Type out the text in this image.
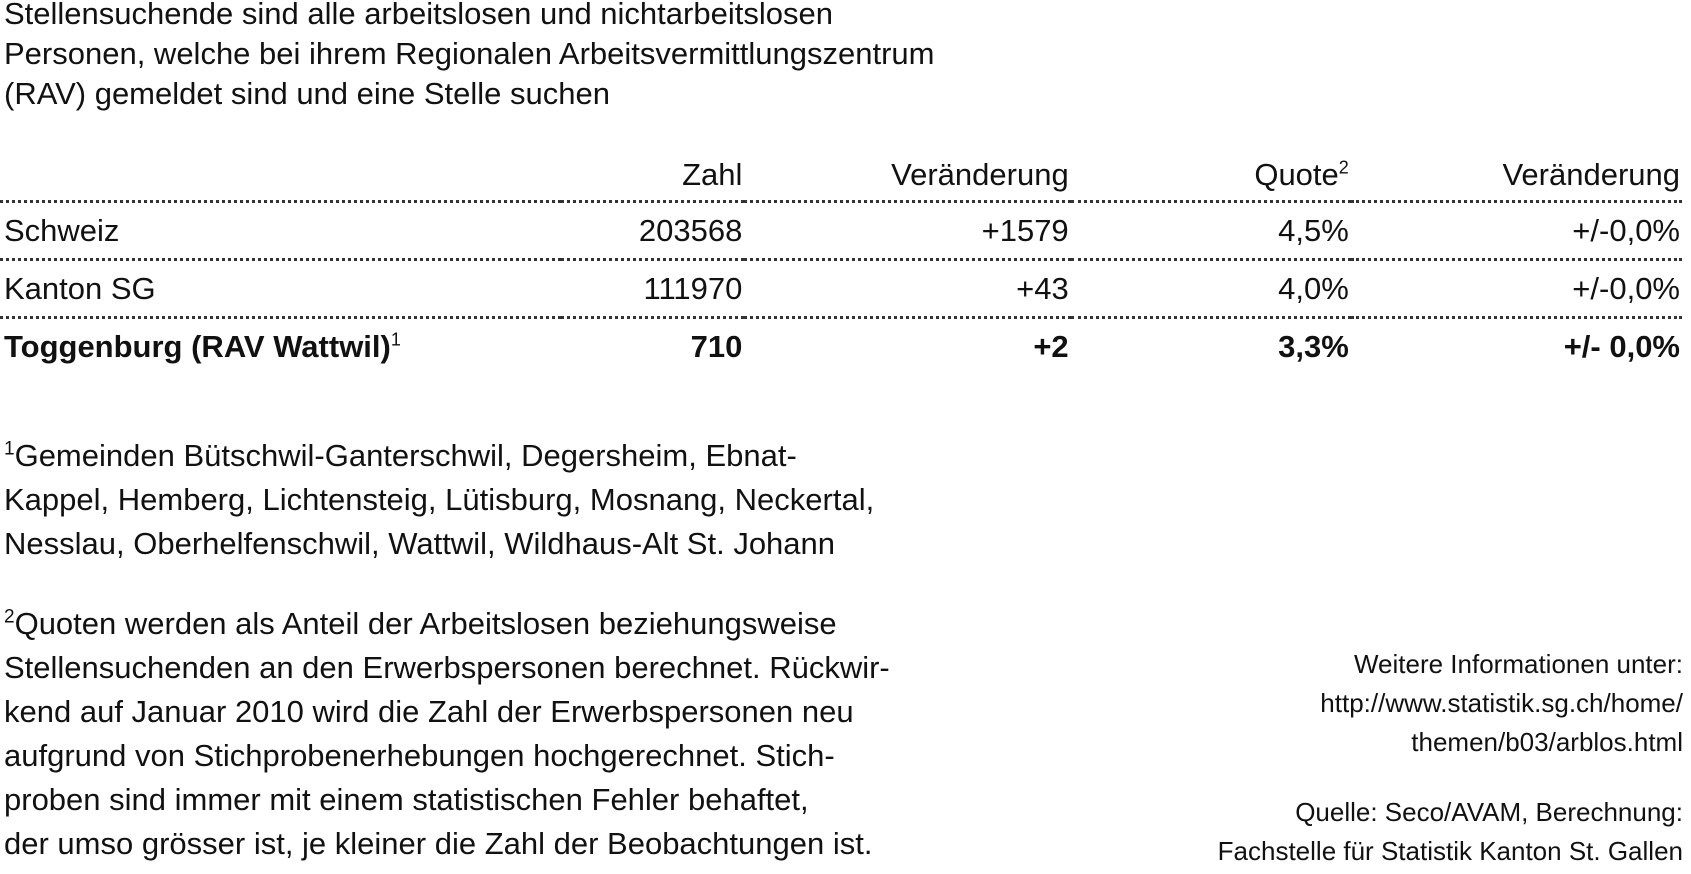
Stellensuchende sind alle arbeitslosen und nichtarbeitslosen
Personen, welche bei ihrem Regionalen Arbeitsvermittlungszentrum
(RAV) gemeldet sind und eine Stelle suchen
	Zahl	Veränderung	Quote$^2$	Veränderung
Schweiz	203568	+1579	4,5%	+/-0,0%
Kanton SG	111970	+43	4,0%	+/-0,0%
Toggenburg (RAV Wattwil)$^1$	710	+2	3,3%	+/- 0,0%
$^1$Gemeinden Bütschwil-Ganterschwil, Degersheim, Ebnat-
Kappel, Hemberg, Lichtensteig, Lütisburg, Mosnang, Neckertal,
Nesslau, Oberhelfenschwil, Wattwil, Wildhaus-Alt St. Johann
$^2$Quoten werden als Anteil der Arbeitslosen beziehungsweise
Stellensuchenden an den Erwerbspersonen berechnet. Rückwir-
kend auf Januar 2010 wird die Zahl der Erwerbspersonen neu
aufgrund von Stichprobenerhebungen hochgerechnet. Stich-
proben sind immer mit einem statistischen Fehler behaftet,
der umso grösser ist, je kleiner die Zahl der Beobachtungen ist.
Weitere Informationen unter:
http://www.statistik.sg.ch/home/
themen/b03/arblos.html
Quelle: Seco/AVAM, Berechnung:
Fachstelle für Statistik Kanton St. Gallen
